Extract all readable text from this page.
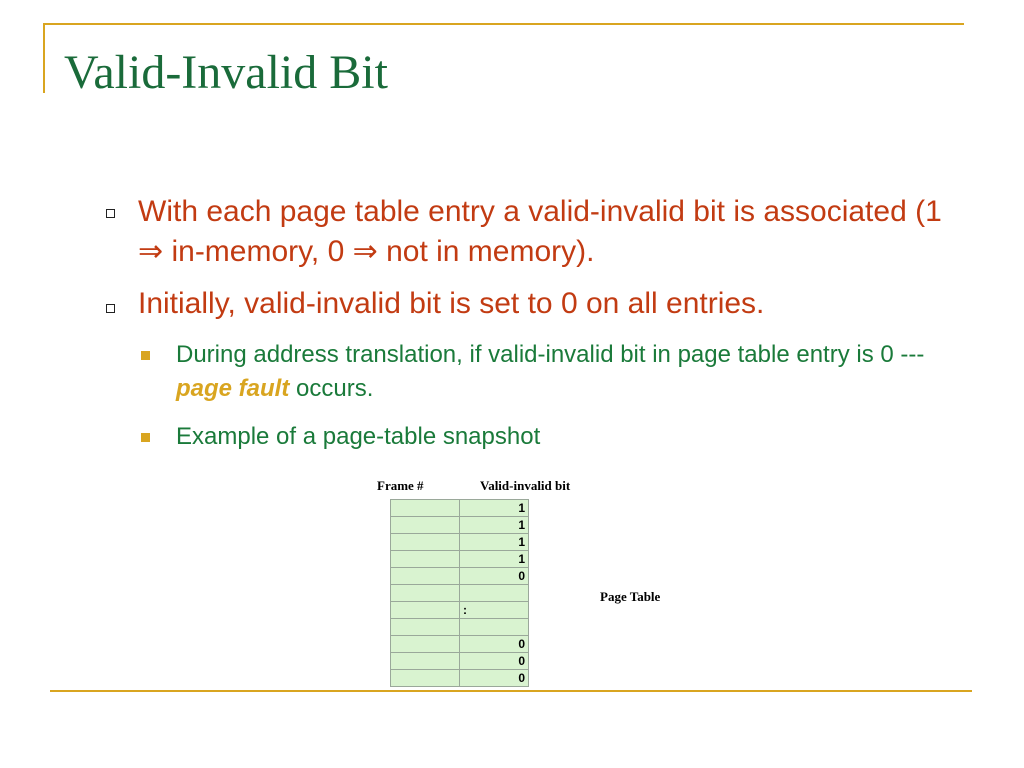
Valid-Invalid Bit

With each page table entry a valid-invalid bit is associated (1 ⇒ in-memory, 0 ⇒ not in memory).

Initially, valid-invalid bit is set to 0 on all entries.

During address translation, if valid-invalid bit in page table entry is 0 --- page fault occurs.

Example of a page-table snapshot

Frame #	Valid-invalid bit
	1
	1
	1
	1
	0

	:

	0
	0
	0
Page Table
